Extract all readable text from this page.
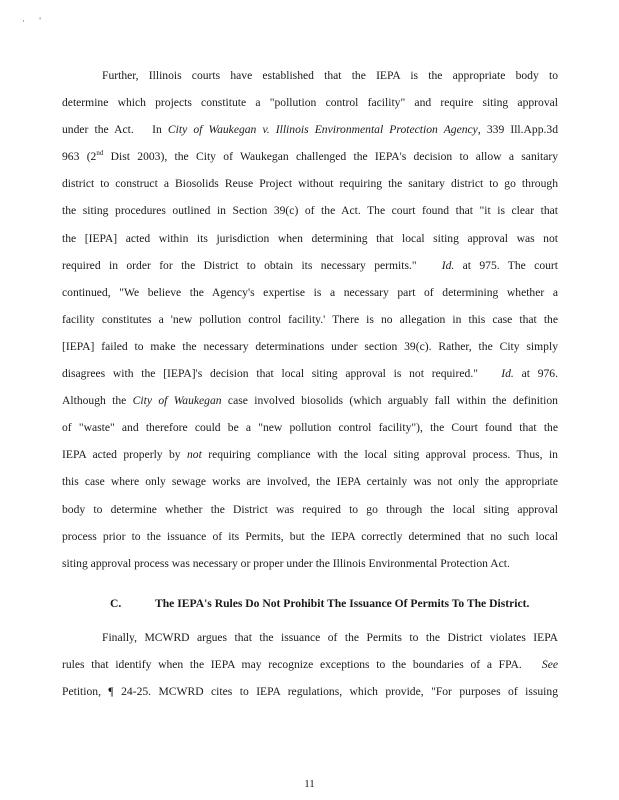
· '
Further, Illinois courts have established that the IEPA is the appropriate body to
determine which projects constitute a "pollution control facility" and require siting approval
under the Act. In City of Waukegan v. Illinois Environmental Protection Agency, 339 Ill.App.3d
963 (2nd Dist 2003), the City of Waukegan challenged the IEPA's decision to allow a sanitary
district to construct a Biosolids Reuse Project without requiring the sanitary district to go through
the siting procedures outlined in Section 39(c) of the Act. The court found that "it is clear that
the [IEPA] acted within its jurisdiction when determining that local siting approval was not
required in order for the District to obtain its necessary permits." Id. at 975. The court
continued, "We believe the Agency's expertise is a necessary part of determining whether a
facility constitutes a 'new pollution control facility.' There is no allegation in this case that the
[IEPA] failed to make the necessary determinations under section 39(c). Rather, the City simply
disagrees with the [IEPA]'s decision that local siting approval is not required." Id. at 976.
Although the City of Waukegan case involved biosolids (which arguably fall within the definition
of "waste" and therefore could be a "new pollution control facility"), the Court found that the
IEPA acted properly by not requiring compliance with the local siting approval process. Thus, in
this case where only sewage works are involved, the IEPA certainly was not only the appropriate
body to determine whether the District was required to go through the local siting approval
process prior to the issuance of its Permits, but the IEPA correctly determined that no such local
siting approval process was necessary or proper under the Illinois Environmental Protection Act.
C.	The IEPA's Rules Do Not Prohibit The Issuance Of Permits To The District.
Finally, MCWRD argues that the issuance of the Permits to the District violates IEPA
rules that identify when the IEPA may recognize exceptions to the boundaries of a FPA. See
Petition, ¶ 24-25. MCWRD cites to IEPA regulations, which provide, "For purposes of issuing
11
